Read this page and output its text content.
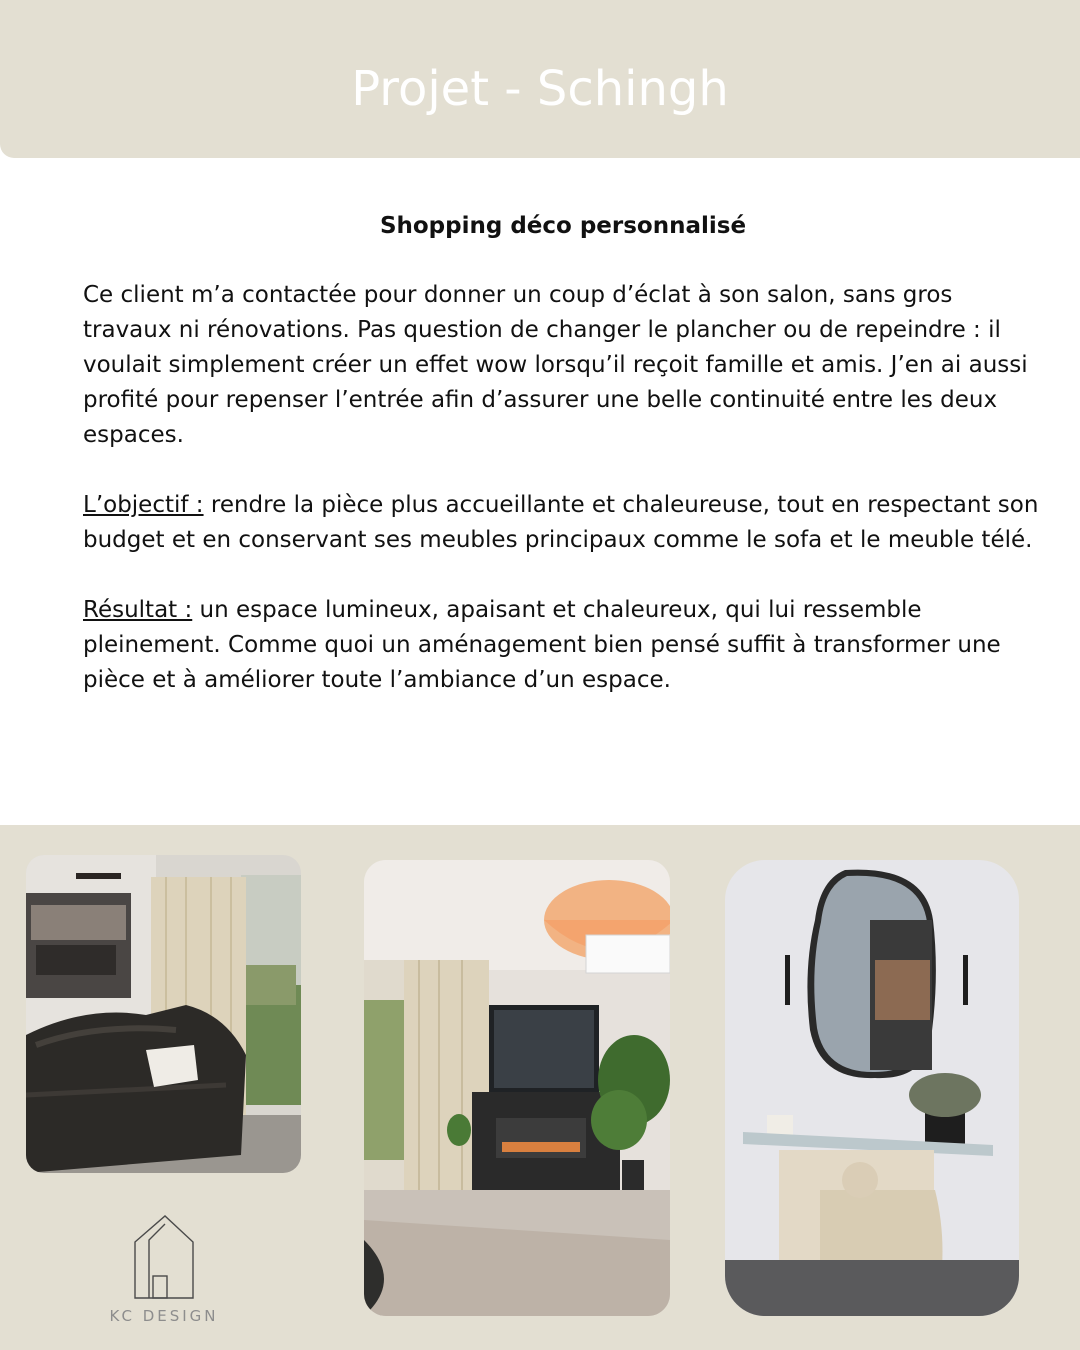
Projet - Schingh
Shopping déco personnalisé

Ce client m’a contactée pour donner un coup d’éclat à son salon, sans gros travaux ni rénovations. Pas question de changer le plancher ou de repeindre : il voulait simplement créer un effet wow lorsqu’il reçoit famille et amis. J’en ai aussi profité pour repenser l’entrée afin d’assurer une belle continuité entre les deux espaces.

L’objectif : rendre la pièce plus accueillante et chaleureuse, tout en respectant son budget et en conservant ses meubles principaux comme le sofa et le meuble télé.

Résultat : un espace lumineux, apaisant et chaleureux, qui lui ressemble pleinement. Comme quoi un aménagement bien pensé suffit à transformer une pièce et à améliorer toute l’ambiance d’un espace.

KC DESIGN
